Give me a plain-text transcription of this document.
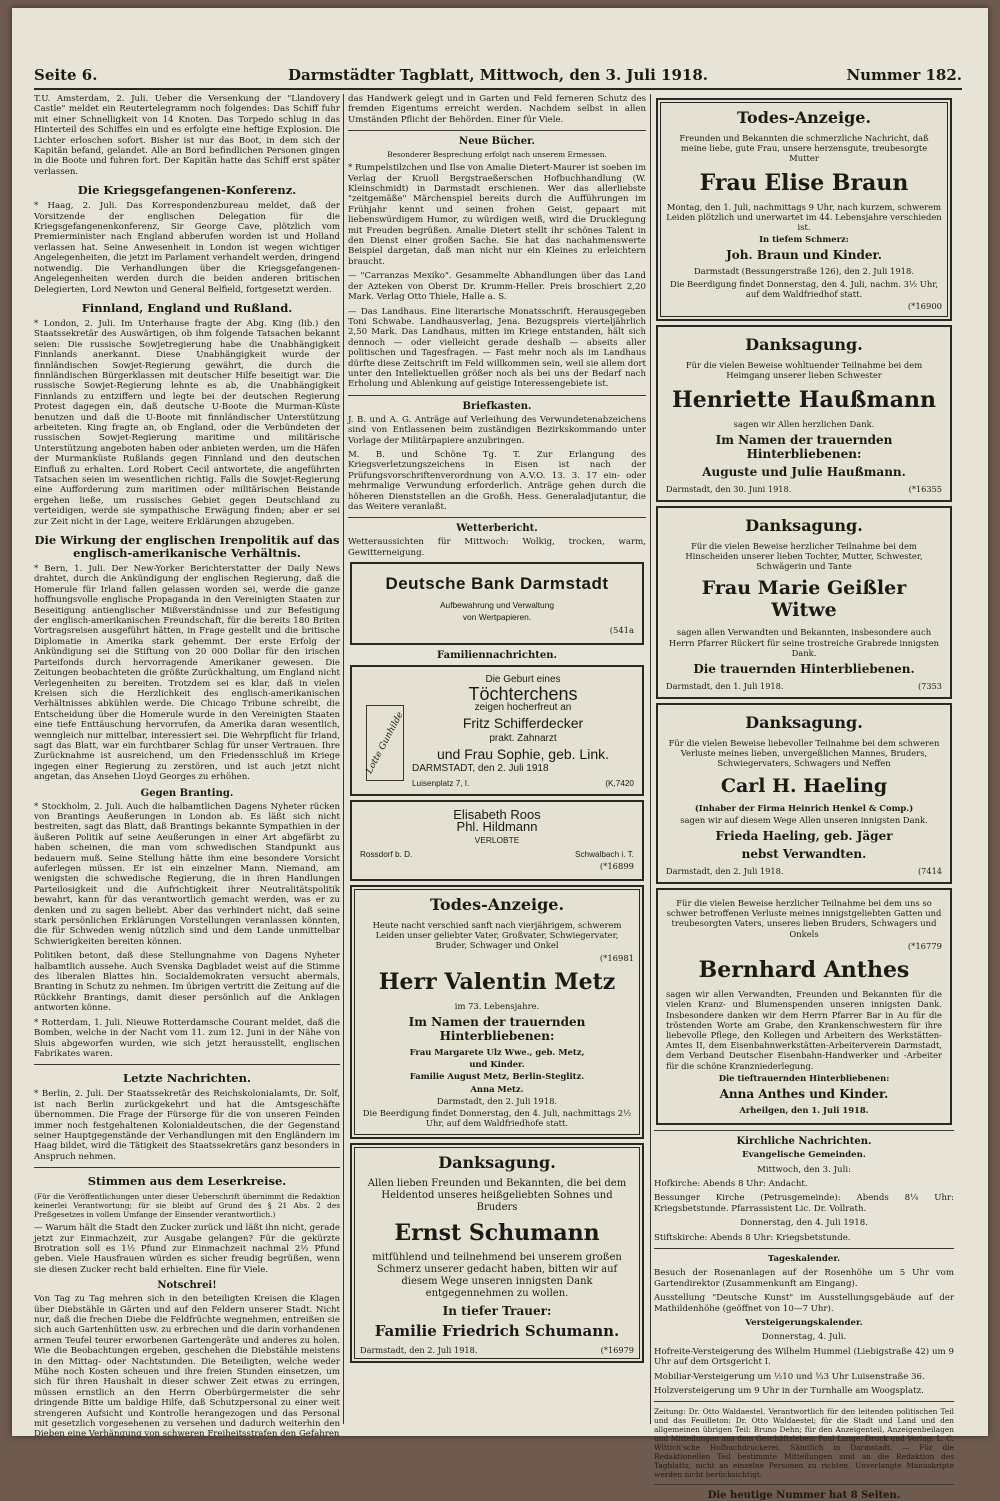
Seite 6.	Darmstädter Tagblatt, Mittwoch, den 3. Juli 1918.	Nummer 182.

T.U. Amsterdam, 2. Juli. Ueber die Versenkung der "Llandovery Castle" meldet ein Reutertelegramm noch folgendes: Das Schiff fuhr mit einer Schnelligkeit von 14 Knoten. Das Torpedo schlug in das Hinterteil des Schiffes ein und es erfolgte eine heftige Explosion. Die Lichter erloschen sofort. Bisher ist nur das Boot, in dem sich der Kapitän befand, gelandet. Alle an Bord befindlichen Personen gingen in die Boote und fuhren fort. Der Kapitän hatte das Schiff erst später verlassen.

Die Kriegsgefangenen-Konferenz.

* Haag, 2. Juli. Das Korrespondenzbureau meldet, daß der Vorsitzende der englischen Delegation für die Kriegsgefangenenkonferenz, Sir George Cave, plötzlich vom Premierminister nach England abberufen worden ist und Holland verlassen hat. Seine Anwesenheit in London ist wegen wichtiger Angelegenheiten, die jetzt im Parlament verhandelt werden, dringend notwendig. Die Verhandlungen über die Kriegsgefangenen-Angelegenheiten werden durch die beiden anderen britischen Delegierten, Lord Newton und General Belfield, fortgesetzt werden.

Finnland, England und Rußland.

* London, 2. Juli. Im Unterhause fragte der Abg. King (lib.) den Staatssekretär des Auswärtigen, ob ihm folgende Tatsachen bekannt seien: Die russische Sowjetregierung habe die Unabhängigkeit Finnlands anerkannt. Diese Unabhängigkeit wurde der finnländischen Sowjet-Regierung gewährt, die durch die finnländischen Bürgerklassen mit deutscher Hilfe beseitigt war. Die russische Sowjet-Regierung lehnte es ab, die Unabhängigkeit Finnlands zu entziffern und legte bei der deutschen Regierung Protest dagegen ein, daß deutsche U-Boote die Murman-Küste benutzen und daß die U-Boote mit finnländischer Unterstützung arbeiteten. King fragte an, ob England, oder die Verbündeten der russischen Sowjet-Regierung maritime und militärische Unterstützung angeboten haben oder anbieten werden, um die Häfen der Murmanküste Rußlands gegen Finnland und den deutschen Einfluß zu erhalten. Lord Robert Cecil antwortete, die angeführten Tatsachen seien im wesentlichen richtig. Falls die Sowjet-Regierung eine Aufforderung zum maritimen oder militärischen Beistande ergehen ließe, um russisches Gebiet gegen Deutschland zu verteidigen, werde sie sympathische Erwägung finden; aber er sei zur Zeit nicht in der Lage, weitere Erklärungen abzugeben.

Die Wirkung der englischen Irenpolitik auf das englisch-amerikanische Verhältnis.

* Bern, 1. Juli. Der New-Yorker Berichterstatter der Daily News drahtet, durch die Ankündigung der englischen Regierung, daß die Homerule für Irland fallen gelassen worden sei, werde die ganze hoffnungsvolle englische Propaganda in den Vereinigten Staaten zur Beseitigung antienglischer Mißverständnisse und zur Befestigung der englisch-amerikanischen Freundschaft, für die bereits 180 Briten Vortragsreisen ausgeführt hätten, in Frage gestellt und die britische Diplomatie in Amerika stark gehemmt. Der erste Erfolg der Ankündigung sei die Stiftung von 20 000 Dollar für den irischen Parteifonds durch hervorragende Amerikaner gewesen. Die Zeitungen beobachteten die größte Zurückhaltung, um England nicht Verlegenheiten zu bereiten. Trotzdem sei es klar, daß in vielen Kreisen sich die Herzlichkeit des englisch-amerikanischen Verhältnisses abkühlen werde. Die Chicago Tribune schreibt, die Entscheidung über die Homerule wurde in den Vereinigten Staaten eine tiefe Enttäuschung hervorrufen, da Amerika daran wesentlich, wenngleich nur mittelbar, interessiert sei. Die Wehrpflicht für Irland, sagt das Blatt, war ein furchtbarer Schlag für unser Vertrauen. Ihre Zurücknahme ist ausreichend, um den Friedensschluß im Kriege ingegen einer Regierung zu zerstören, und ist auch jetzt nicht angetan, das Ansehen Lloyd Georges zu erhöhen.

Gegen Branting.

* Stockholm, 2. Juli. Auch die halbamtlichen Dagens Nyheter rücken von Brantings Aeußerungen in London ab. Es läßt sich nicht bestreiten, sagt das Blatt, daß Brantings bekannte Sympathien in der äußeren Politik auf seine Aeußerungen in einer Art abgefärbt zu haben scheinen, die man vom schwedischen Standpunkt aus bedauern muß. Seine Stellung hätte ihm eine besondere Vorsicht auferlegen müssen. Er ist ein einzelner Mann. Niemand, am wenigsten die schwedische Regierung, die in ihren Handlungen Parteilosigkeit und die Aufrichtigkeit ihrer Neutralitätspolitik bewahrt, kann für das verantwortlich gemacht werden, was er zu denken und zu sagen beliebt. Aber das verhindert nicht, daß seine stark persönlichen Erklärungen Vorstellungen veranlassen könnten, die für Schweden wenig nützlich sind und dem Lande unmittelbar Schwierigkeiten bereiten können.

Politiken betont, daß diese Stellungnahme von Dagens Nyheter halbamtlich aussehe. Auch Svenska Dagbladet weist auf die Stimme des liberalen Blattes hin. Socialdemokraten versucht abermals, Branting in Schutz zu nehmen. Im übrigen vertritt die Zeitung auf die Rückkehr Brantings, damit dieser persönlich auf die Anklagen antworten könne.

* Rotterdam, 1. Juli. Nieuwe Rotterdamsche Courant meldet, daß die Bomben, welche in der Nacht vom 11. zum 12. Juni in der Nähe von Sluis abgeworfen wurden, wie sich jetzt herausstellt, englischen Fabrikates waren.

Letzte Nachrichten.

* Berlin, 2. Juli. Der Staatssekretär des Reichskolonialamts, Dr. Solf, ist nach Berlin zurückgekehrt und hat die Amtsgeschäfte übernommen. Die Frage der Fürsorge für die von unseren Feinden immer noch festgehaltenen Kolonialdeutschen, die der Gegenstand seiner Hauptgegenstände der Verhandlungen mit den Engländern im Haag bildet, wird die Tätigkeit des Staatssekretärs ganz besonders in Anspruch nehmen.

Stimmen aus dem Leserkreise.

(Für die Veröffentlichungen unter dieser Ueberschrift übernimmt die Redaktion keinerlei Verantwortung; für sie bleibt auf Grund des § 21 Abs. 2 des Preßgesetzes in vollem Umfange der Einsender verantwortlich.)

— Warum hält die Stadt den Zucker zurück und läßt ihn nicht, gerade jetzt zur Einmachzeit, zur Ausgabe gelangen? Für die gekürzte Brotration soll es 1½ Pfund zur Einmachzeit nachmal 2½ Pfund geben. Viele Hausfrauen würden es sicher freudig begrüßen, wenn sie diesen Zucker recht bald erhielten. Eine für Viele.

Notschrei!

Von Tag zu Tag mehren sich in den beteiligten Kreisen die Klagen über Diebstähle in Gärten und auf den Feldern unserer Stadt. Nicht nur, daß die frechen Diebe die Feldfrüchte wegnehmen, entreißen sie sich auch Gartenhütten usw. zu erbrechen und die darin vorhandenen armen Teufel teurer erworbenen Gartengeräte und anderes zu holen. Wie die Beobachtungen ergeben, geschehen die Diebstähle meistens in den Mittag- oder Nachtstunden. Die Beteiligten, welche weder Mühe noch Kosten scheuen und ihre freien Stunden einsetzen, um sich für ihren Haushalt in dieser schwer Zeit etwas zu erringen, müssen ernstlich an den Herrn Oberbürgermeister die sehr dringende Bitte um baldige Hilfe, daß Schutzpersonal zu einer weit strengeren Aufsicht und Kontrolle herangezogen und das Personal mit gesetzlich vorgesehenen zu versehen und dadurch weiterhin den Dieben eine Verhängung von schweren Freiheitsstrafen den Gefahren

das Handwerk gelegt und in Garten und Feld ferneren Schutz des fremden Eigentums erreicht werden. Nachdem selbst in allen Umständen Pflicht der Behörden. Einer für Viele.

Neue Bücher.

Besonderer Besprechung erfolgt nach unserem Ermessen.

* Rumpelstilzchen und Ilse von Amalie Dietert-Maurer ist soeben im Verlag der Kruoll Bergstraeßerschen Hofbuchhandlung (W. Kleinschmidt) in Darmstadt erschienen. Wer das allerliebste "zeitgemäße" Märchenspiel bereits durch die Aufführungen im Frühjahr kennt und seinen frohen Geist, gepaart mit liebenswürdigem Humor, zu würdigen weiß, wird die Drucklegung mit Freuden begrüßen. Amalie Dietert stellt ihr schönes Talent in den Dienst einer großen Sache. Sie hat das nachahmenswerte Beispiel dargetan, daß man nicht nur ein Kleines zu erleichtern braucht.

— "Carranzas Mexiko". Gesammelte Abhandlungen über das Land der Azteken von Oberst Dr. Krumm-Heller. Preis broschiert 2,20 Mark. Verlag Otto Thiele, Halle a. S.

— Das Landhaus. Eine literarische Monatsschrift. Herausgegeben Toni Schwabe. Landhausverlag, Jena. Bezugspreis vierteljährlich 2,50 Mark. Das Landhaus, mitten im Kriege entstanden, hält sich dennoch — oder vielleicht gerade deshalb — abseits aller politischen und Tagesfragen. — Fast mehr noch als im Landhaus dürfte diese Zeitschrift im Feld willkommen sein, weil sie allem dort unter den Intellektuellen größer noch als bei uns der Bedarf nach Erholung und Ablenkung auf geistige Interessengebiete ist.

Briefkasten.

J. B. und A. G. Anträge auf Verleihung des Verwundetenabzeichens sind von Entlassenen beim zuständigen Bezirkskommando unter Vorlage der Militärpapiere anzubringen.

M. B. und Schöne Tg. T. Zur Erlangung des Kriegsverletzungszeichens in Eisen ist nach der Prüfungsvorschriftenverordnung von A.V.O. 13. 3. 17 ein- oder mehrmalige Verwundung erforderlich. Anträge gehen durch die höheren Dienststellen an die Großh. Hess. Generaladjutantur, die das Weitere veranlaßt.

Wetterbericht.

Wetteraussichten für Mittwoch: Wolkig, trocken, warm, Gewitterneigung.

Deutsche Bank Darmstadt
Aufbewahrung und Verwaltung
von Wertpapieren.
(541a
Familiennachrichten.
Lotte Gunhilde
Die Geburt eines
Töchterchens
zeigen hocherfreut an
Fritz Schifferdecker
prakt. Zahnarzt
und Frau Sophie, geb. Link.
DARMSTADT, den 2. Juli 1918
Luisenplatz 7, I.	(K,7420
Elisabeth Roos
Phl. Hildmann
VERLOBTE
Rossdorf b. D.	Schwalbach i. T.
(*16899
Todes-Anzeige.
Heute nacht verschied sanft nach vierjährigem, schwerem Leiden unser geliebter Vater, Großvater, Schwiegervater, Bruder, Schwager und Onkel
(*16981
Herr Valentin Metz
im 73. Lebensjahre.
Im Namen der trauernden Hinterbliebenen:
Frau Margarete Ulz Wwe., geb. Metz,
und Kinder.
Familie August Metz, Berlin-Steglitz.
Anna Metz.
Darmstadt, den 2. Juli 1918.
Die Beerdigung findet Donnerstag, den 4. Juli, nachmittags 2½ Uhr, auf dem Waldfriedhofe statt.
Danksagung.
Allen lieben Freunden und Bekannten, die bei dem Heldentod unseres heißgeliebten Sohnes und Bruders
Ernst Schumann
mitfühlend und teilnehmend bei unserem großen Schmerz unserer gedacht haben, bitten wir auf diesem Wege unseren innigsten Dank entgegennehmen zu wollen.
In tiefer Trauer:
Familie Friedrich Schumann.
Darmstadt, den 2. Juli 1918.	(*16979
Todes-Anzeige.
Freunden und Bekannten die schmerzliche Nachricht, daß meine liebe, gute Frau, unsere herzensgute, treubesorgte Mutter
Frau Elise Braun
Montag, den 1. Juli, nachmittags 9 Uhr, nach kurzem, schwerem Leiden plötzlich und unerwartet im 44. Lebensjahre verschieden ist.
In tiefem Schmerz:
Joh. Braun und Kinder.
Darmstadt (Bessungerstraße 126), den 2. Juli 1918.
Die Beerdigung findet Donnerstag, den 4. Juli, nachm. 3½ Uhr, auf dem Waldfriedhof statt.
(*16900
Danksagung.
Für die vielen Beweise wohltuender Teilnahme bei dem Heimgang unserer lieben Schwester
Henriette Haußmann
sagen wir Allen herzlichen Dank.
Im Namen der trauernden Hinterbliebenen:
Auguste und Julie Haußmann.
Darmstadt, den 30. Juni 1918.	(*16355
Danksagung.
Für die vielen Beweise herzlicher Teilnahme bei dem Hinscheiden unserer lieben Tochter, Mutter, Schwester, Schwägerin und Tante
Frau Marie Geißler Witwe
sagen allen Verwandten und Bekannten, insbesondere auch Herrn Pfarrer Rückert für seine trostreiche Grabrede innigsten Dank.
Die trauernden Hinterbliebenen.
Darmstadt, den 1. Juli 1918.	(7353
Danksagung.
Für die vielen Beweise liebevoller Teilnahme bei dem schweren Verluste meines lieben, unvergeßlichen Mannes, Bruders, Schwiegervaters, Schwagers und Neffen
Carl H. Haeling
(Inhaber der Firma Heinrich Henkel & Comp.)
sagen wir auf diesem Wege Allen unseren innigsten Dank.
Frieda Haeling, geb. Jäger
nebst Verwandten.
Darmstadt, den 2. Juli 1918.	(7414
Für die vielen Beweise herzlicher Teilnahme bei dem uns so schwer betroffenen Verluste meines innigstgeliebten Gatten und treubesorgten Vaters, unseres lieben Bruders, Schwagers und Onkels
(*16779
Bernhard Anthes
sagen wir allen Verwandten, Freunden und Bekannten für die vielen Kranz- und Blumenspenden unseren innigsten Dank. Insbesondere danken wir dem Herrn Pfarrer Bar in Au für die tröstenden Worte am Grabe, den Krankenschwestern für ihre liebevolle Pflege, den Kollegen und Arbeitern des Werkstätten-Amtes II, dem Eisenbahnwerkstätten-Arbeiterverein Darmstadt, dem Verband Deutscher Eisenbahn-Handwerker und -Arbeiter für die schöne Kranzniederlegung.
Die tieftrauernden Hinterbliebenen:
Anna Anthes und Kinder.
Arheilgen, den 1. Juli 1918.
Kirchliche Nachrichten.
Evangelische Gemeinden.
Mittwoch, den 3. Juli:
Hofkirche: Abends 8 Uhr: Andacht.
Bessunger Kirche (Petrusgemeinde): Abends 8¼ Uhr: Kriegsbetstunde. Pfarrassistent Lic. Dr. Vollrath.
Donnerstag, den 4. Juli 1918.
Stiftskirche: Abends 8 Uhr: Kriegsbetstunde.
Tageskalender.
Besuch der Rosenanlagen auf der Rosenhöhe um 5 Uhr vom Gartendirektor (Zusammenkunft am Eingang).
Ausstellung "Deutsche Kunst" im Ausstellungsgebäude auf der Mathildenhöhe (geöffnet von 10—7 Uhr).
Versteigerungskalender.
Donnerstag, 4. Juli.
Hofreite-Versteigerung des Wilhelm Hummel (Liebigstraße 42) um 9 Uhr auf dem Ortsgericht I.
Mobiliar-Versteigerung um ½10 und ⅓3 Uhr Luisenstraße 36.
Holzversteigerung um 9 Uhr in der Turnhalle am Woogsplatz.
Zeitung: Dr. Otto Waldaestel. Verantwortlich für den leitenden politischen Teil und das Feuilleton: Dr. Otto Waldaestel; für die Stadt und Land und den allgemeinen übrigen Teil: Bruno Dehn; für den Anzeigenteil, Anzeigenbeilagen und Mitteilungen aus dem Geschäftsleben: Paul Lange. Druck und Verlag: L. C. Wittich'sche Hofbuchdruckerei. Sämtlich in Darmstadt. — Für die Redaktionellen Teil bestimmte Mitteilungen sind an die Redaktion des Tagblatts, nicht an einzelne Personen zu richten. Unverlangte Manuskripte werden nicht berücksichtigt.
Die heutige Nummer hat 8 Seiten.
